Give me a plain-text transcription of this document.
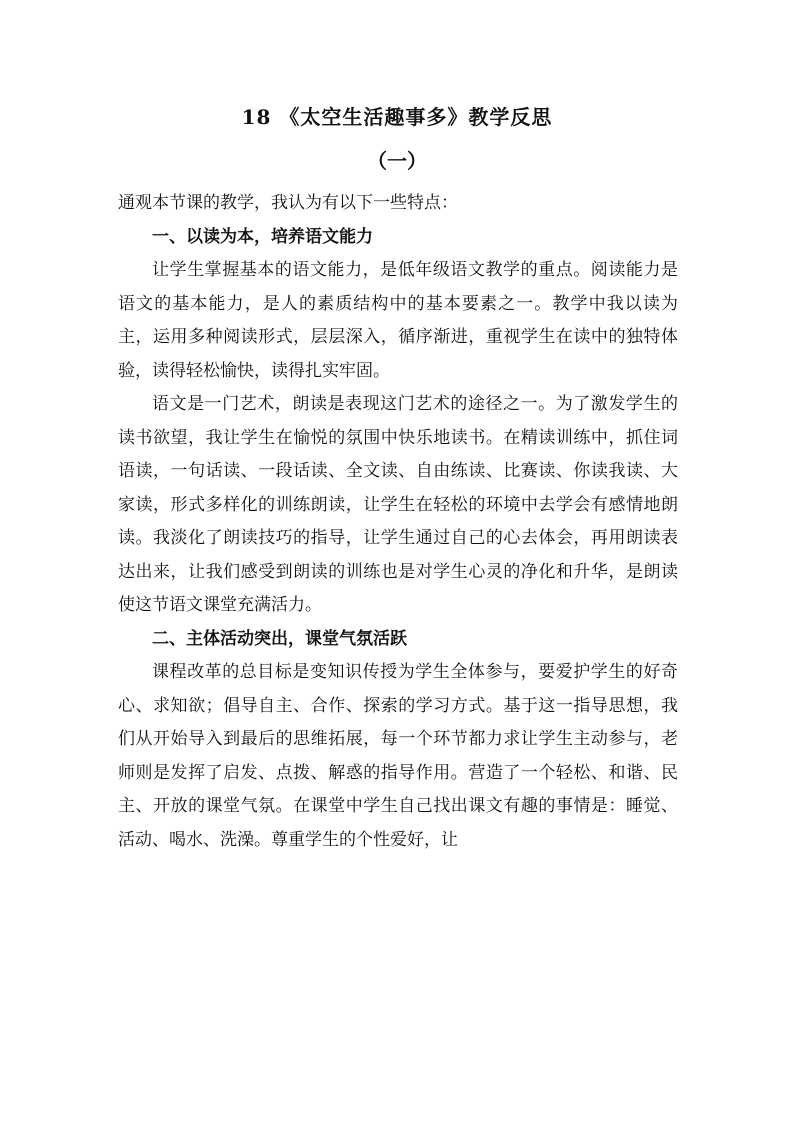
18 《太空生活趣事多》教学反思
（一）

通观本节课的教学，我认为有以下一些特点：

一、以读为本，培养语文能力

让学生掌握基本的语文能力，是低年级语文教学的重点。阅读能力是语文的基本能力，是人的素质结构中的基本要素之一。教学中我以读为主，运用多种阅读形式，层层深入，循序渐进，重视学生在读中的独特体验，读得轻松愉快，读得扎实牢固。

语文是一门艺术，朗读是表现这门艺术的途径之一。为了激发学生的读书欲望，我让学生在愉悦的氛围中快乐地读书。在精读训练中，抓住词语读，一句话读、一段话读、全文读、自由练读、比赛读、你读我读、大家读，形式多样化的训练朗读，让学生在轻松的环境中去学会有感情地朗读。我淡化了朗读技巧的指导，让学生通过自己的心去体会，再用朗读表达出来，让我们感受到朗读的训练也是对学生心灵的净化和升华，是朗读使这节语文课堂充满活力。

二、主体活动突出，课堂气氛活跃

课程改革的总目标是变知识传授为学生全体参与，要爱护学生的好奇心、求知欲；倡导自主、合作、探索的学习方式。基于这一指导思想，我们从开始导入到最后的思维拓展，每一个环节都力求让学生主动参与，老师则是发挥了启发、点拨、解惑的指导作用。营造了一个轻松、和谐、民主、开放的课堂气氛。在课堂中学生自己找出课文有趣的事情是：睡觉、活动、喝水、洗澡。尊重学生的个性爱好，让
